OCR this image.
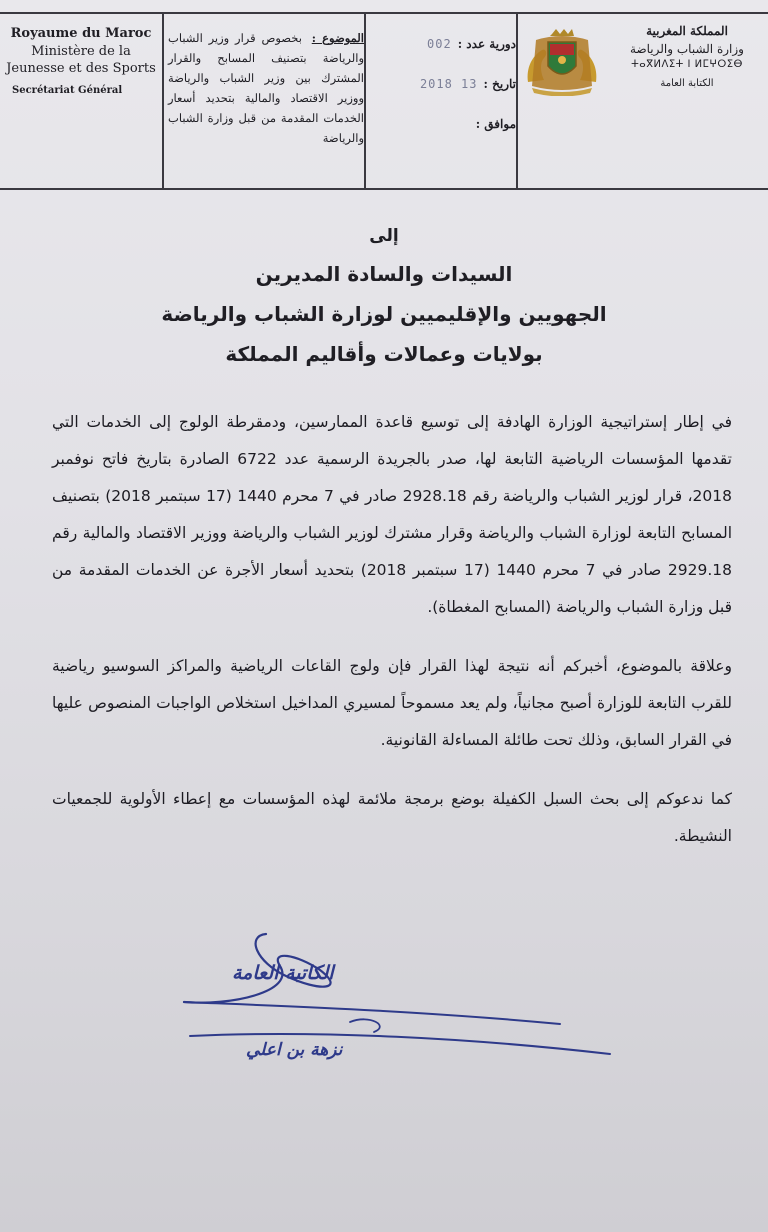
Royaume du Maroc
Ministère de la
Jeunesse et des Sports
Secrétariat Général
الموضوع : بخصوص قرار وزير الشباب والرياضة بتصنيف المسابح والقرار المشترك بين وزير الشباب والرياضة ووزير الاقتصاد والمالية بتحديد أسعار الخدمات المقدمة من قبل وزارة الشباب والرياضة
دورية عدد :
002
تاريخ :
2018 13
موافق :
المملكة المغربية
وزارة الشباب والرياضة
ⵜⴰⴳⵍⴷⵉⵜ ⵏ ⵍⵎⵖⵔⵉⴱ
الكتابة العامة
إلى
السيدات والسادة المديرين
الجهويين والإقليميين لوزارة الشباب والرياضة
بولايات وعمالات وأقاليم المملكة

في إطار إستراتيجية الوزارة الهادفة إلى توسيع قاعدة الممارسين، ودمقرطة الولوج إلى الخدمات التي تقدمها المؤسسات الرياضية التابعة لها، صدر بالجريدة الرسمية عدد 6722 الصادرة بتاريخ فاتح نوفمبر 2018، قرار لوزير الشباب والرياضة رقم 2928.18 صادر في 7 محرم 1440 (17 سبتمبر 2018) بتصنيف المسابح التابعة لوزارة الشباب والرياضة وقرار مشترك لوزير الشباب والرياضة ووزير الاقتصاد والمالية رقم 2929.18 صادر في 7 محرم 1440 (17 سبتمبر 2018) بتحديد أسعار الأجرة عن الخدمات المقدمة من قبل وزارة الشباب والرياضة (المسابح المغطاة).

وعلاقة بالموضوع، أخبركم أنه نتيجة لهذا القرار فإن ولوج القاعات الرياضية والمراكز السوسيو رياضية للقرب التابعة للوزارة أصبح مجانياً، ولم يعد مسموحاً لمسيري المداخيل استخلاص الواجبات المنصوص عليها في القرار السابق، وذلك تحت طائلة المساءلة القانونية.

كما ندعوكم إلى بحث السبل الكفيلة بوضع برمجة ملائمة لهذه المؤسسات مع إعطاء الأولوية للجمعيات النشيطة.

الكاتبة العامة
نزهة بن اعلي
